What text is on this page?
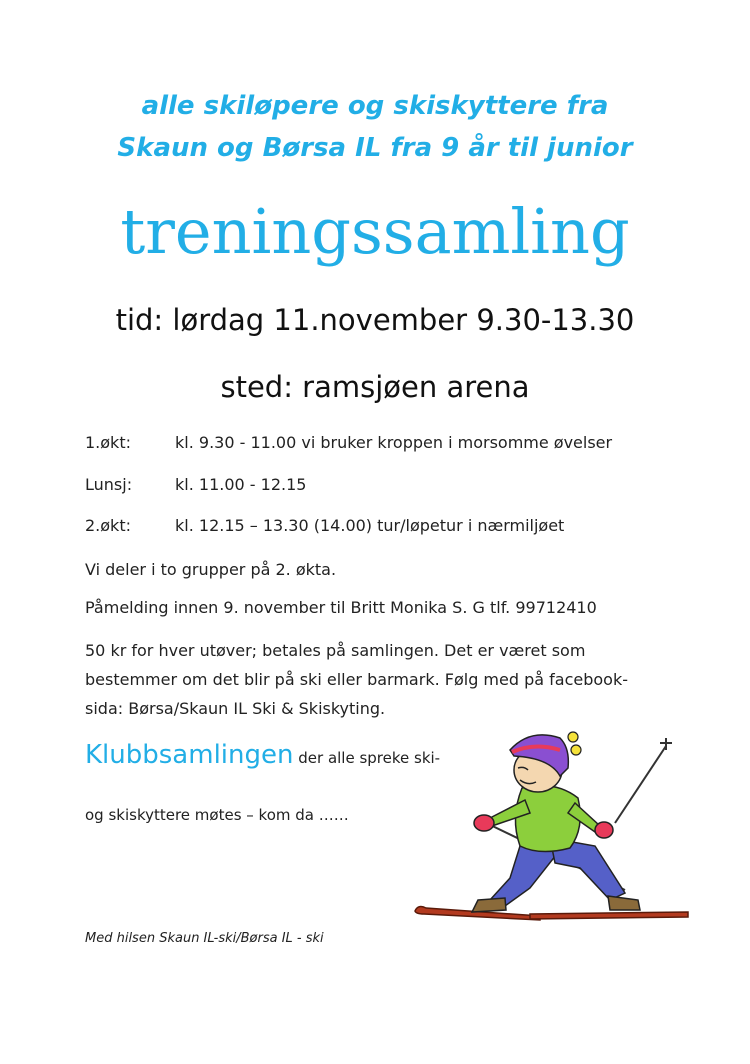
alle skiløpere og skiskyttere fra
Skaun og Børsa IL fra 9 år til junior
treningssamling
tid: lørdag 11.november 9.30-13.30
sted: ramsjøen arena
1.økt:	kl. 9.30 - 11.00 vi bruker kroppen i morsomme øvelser
Lunsj:	kl. 11.00 - 12.15
2.økt:	kl. 12.15 – 13.30 (14.00) tur/løpetur i nærmiljøet
Vi deler i to grupper på 2. økta.
Påmelding innen 9. november til Britt Monika S. G tlf. 99712410
50 kr for hver utøver; betales på samlingen. Det er været som
bestemmer om det blir på ski eller barmark. Følg med på facebook-
sida: Børsa/Skaun IL Ski & Skiskyting.
Klubbsamlingen der alle spreke ski-
og skiskyttere møtes – kom da ……
Med hilsen Skaun IL-ski/Børsa IL - ski
